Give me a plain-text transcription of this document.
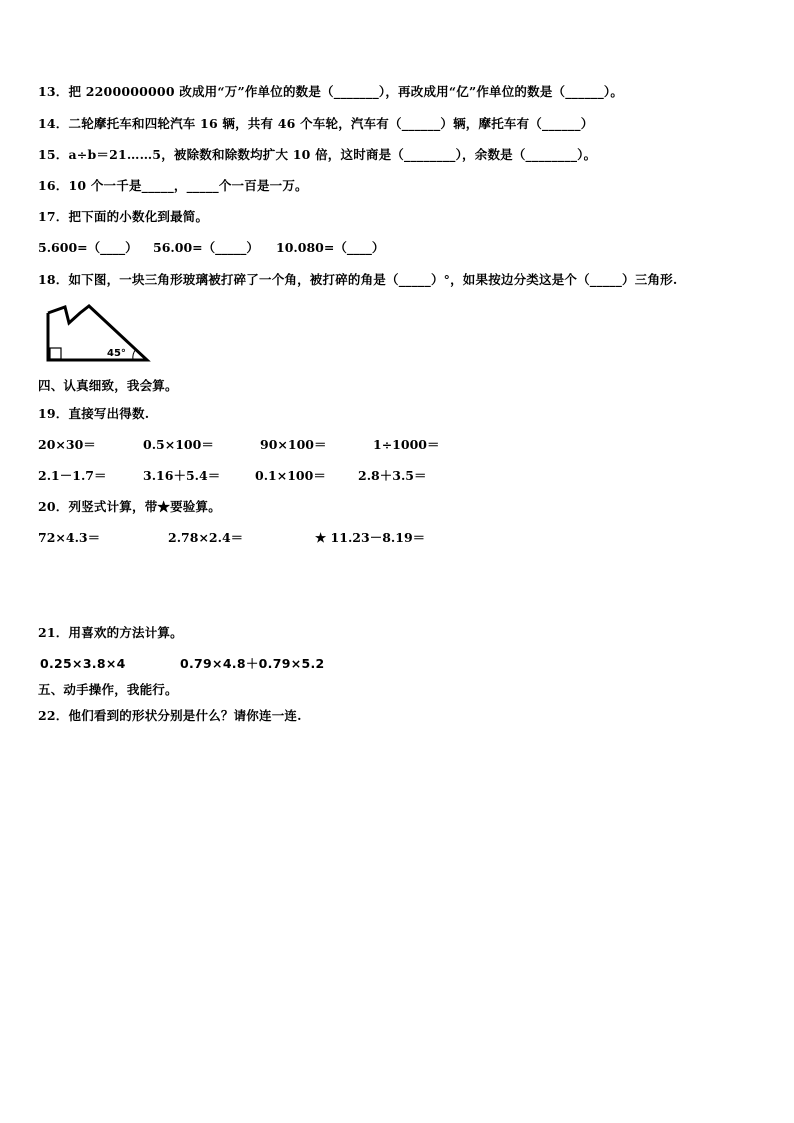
13．把 2200000000 改成用“万”作单位的数是（_______），再改成用“亿”作单位的数是（______）。
14．二轮摩托车和四轮汽车 16 辆，共有 46 个车轮，汽车有（______）辆，摩托车有（______）
15．a÷b＝21……5，被除数和除数均扩大 10 倍，这时商是（________），余数是（________）。
16．10 个一千是_____，_____个一百是一万。
17．把下面的小数化到最简。

5.600=（____）

56.00=（_____）

10.080=（____）

18．如下图，一块三角形玻璃被打碎了一个角，被打碎的角是（_____）°，如果按边分类这是个（_____）三角形.
45°
四、认真细致，我会算。
19．直接写出得数.

20×30＝

	0.5×100＝

	90×100＝

	1÷1000＝

2.1－1.7＝

	3.16＋5.4＝

	0.1×100＝

	2.8＋3.5＝

20．列竖式计算，带★要验算。

72×4.3＝

	2.78×2.4＝

	★ 11.23－8.19＝

21．用喜欢的方法计算。

0.25×3.8×4

	0.79×4.8＋0.79×5.2

五、动手操作，我能行。
22．他们看到的形状分别是什么？请你连一连.
